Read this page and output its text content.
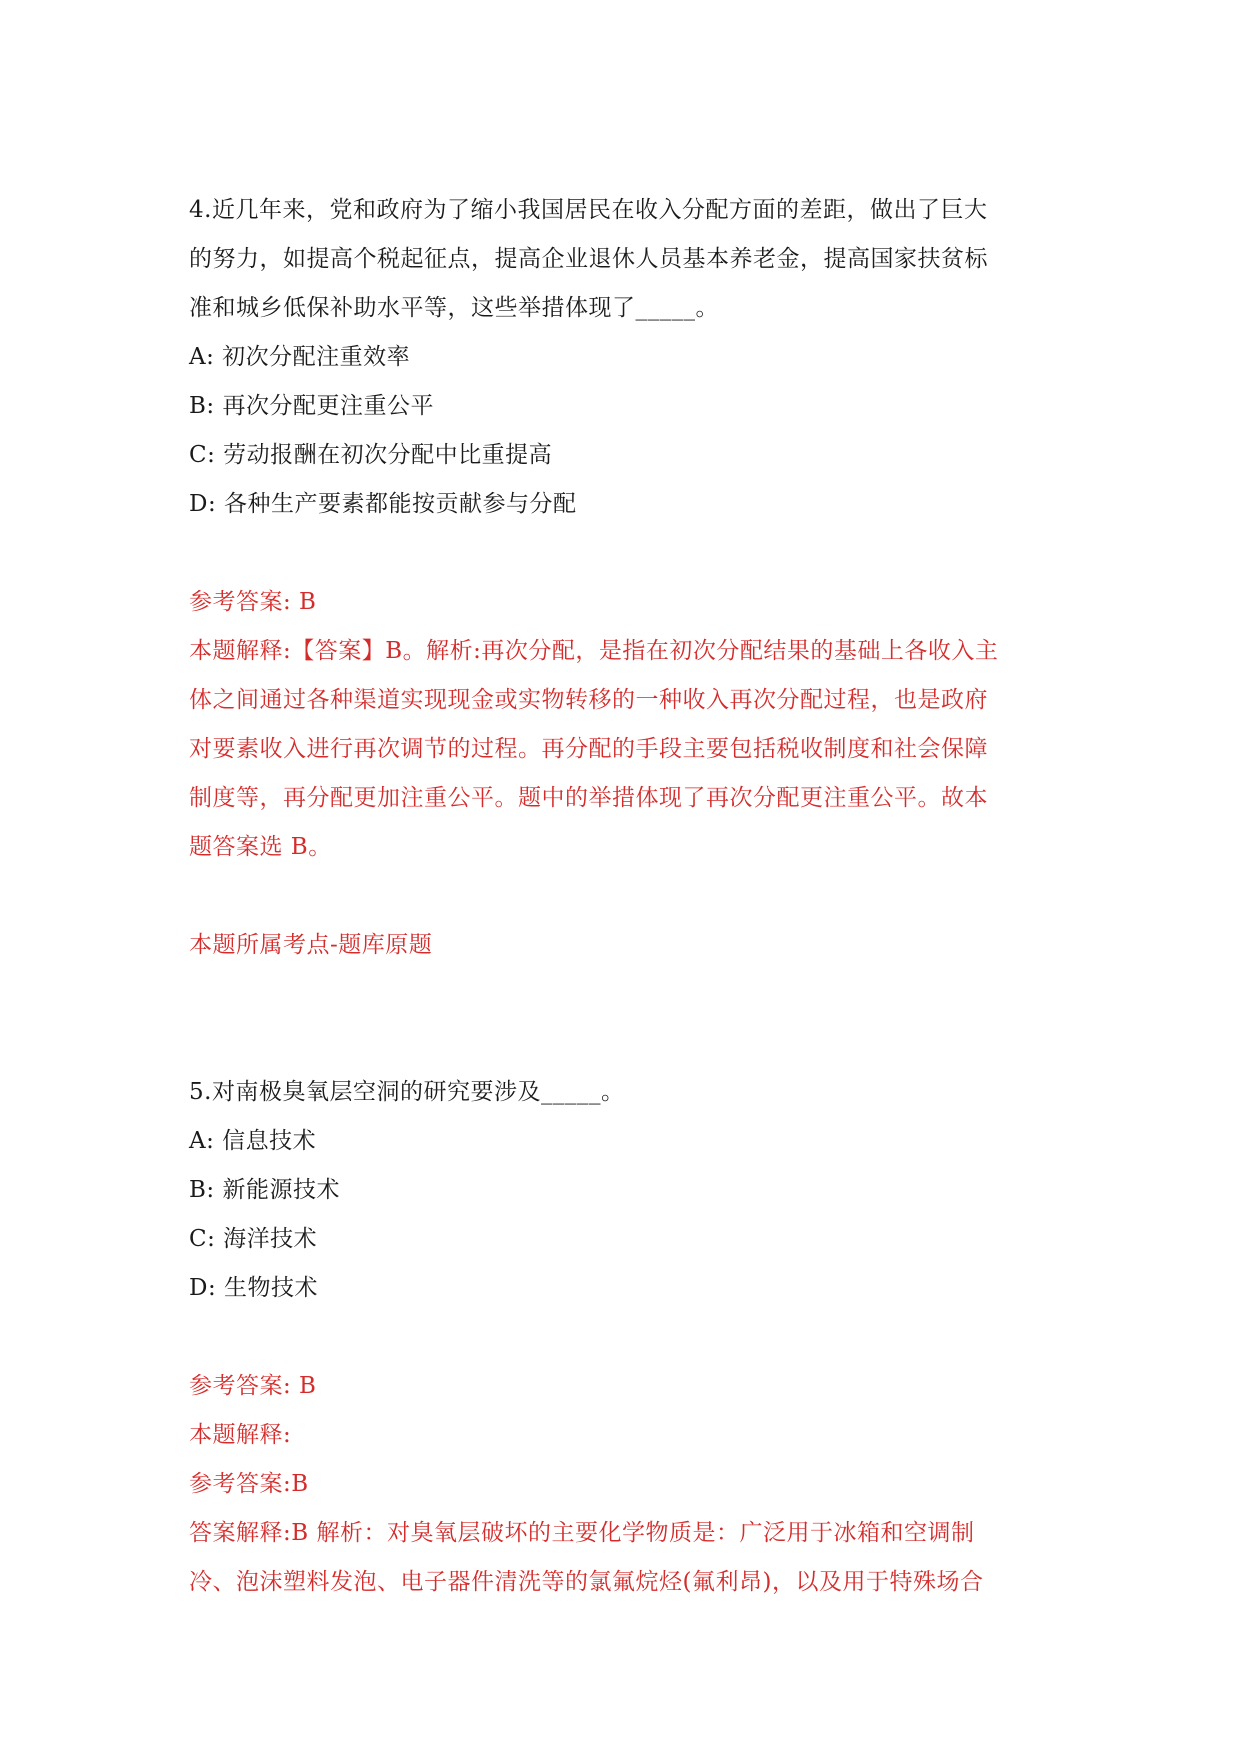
4.近几年来，党和政府为了缩小我国居民在收入分配方面的差距，做出了巨大
的努力，如提高个税起征点，提高企业退休人员基本养老金，提高国家扶贫标
准和城乡低保补助水平等，这些举措体现了_____。
A: 初次分配注重效率
B: 再次分配更注重公平
C: 劳动报酬在初次分配中比重提高
D: 各种生产要素都能按贡献参与分配
参考答案: B
本题解释:【答案】B。解析:再次分配，是指在初次分配结果的基础上各收入主
体之间通过各种渠道实现现金或实物转移的一种收入再次分配过程，也是政府
对要素收入进行再次调节的过程。再分配的手段主要包括税收制度和社会保障
制度等，再分配更加注重公平。题中的举措体现了再次分配更注重公平。故本
题答案选 B。
本题所属考点-题库原题
5.对南极臭氧层空洞的研究要涉及_____。
A: 信息技术
B: 新能源技术
C: 海洋技术
D: 生物技术
参考答案: B
本题解释:
参考答案:B
答案解释:B 解析：对臭氧层破坏的主要化学物质是：广泛用于冰箱和空调制
冷、泡沫塑料发泡、电子器件清洗等的氯氟烷烃(氟利昂)，以及用于特殊场合
